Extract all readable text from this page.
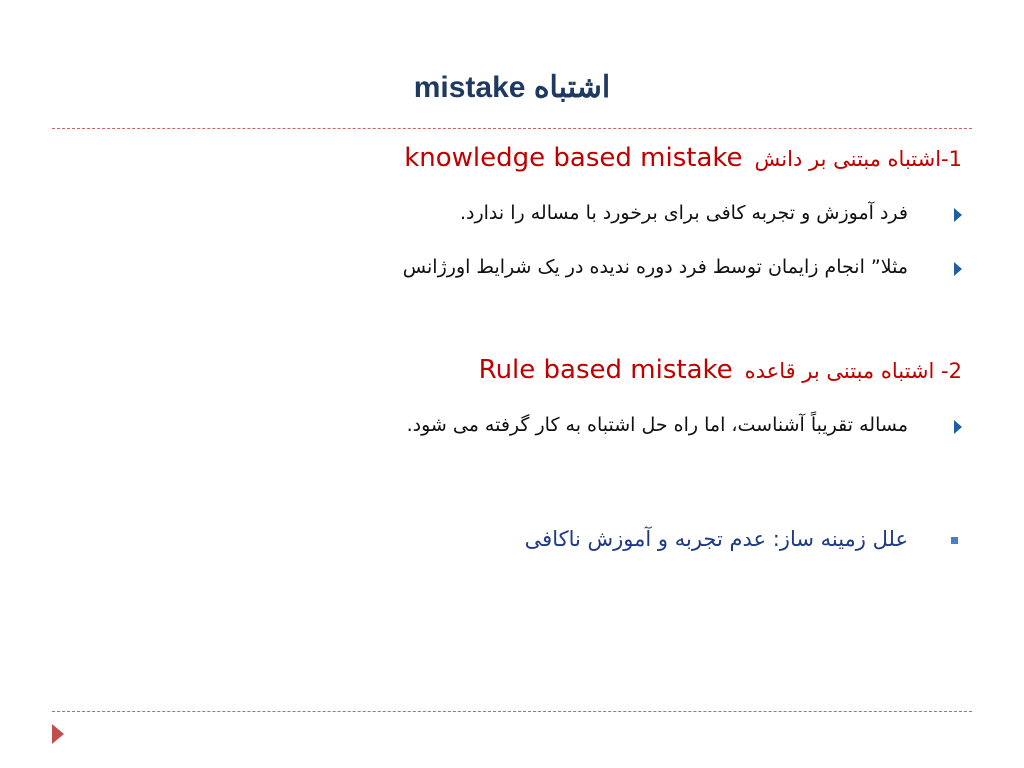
اشتباه mistake
1-اشتباه مبتنی بر دانشknowledge based mistake
فرد آموزش و تجربه کافی برای برخورد با مساله را ندارد.
مثلا” انجام زایمان توسط فرد دوره ندیده در یک شرایط اورژانس
2- اشتباه مبتنی بر قاعدهRule based mistake
مساله تقریباً آشناست، اما راه حل اشتباه به کار گرفته می شود.
علل زمینه ساز: عدم تجربه و آموزش ناکافی
